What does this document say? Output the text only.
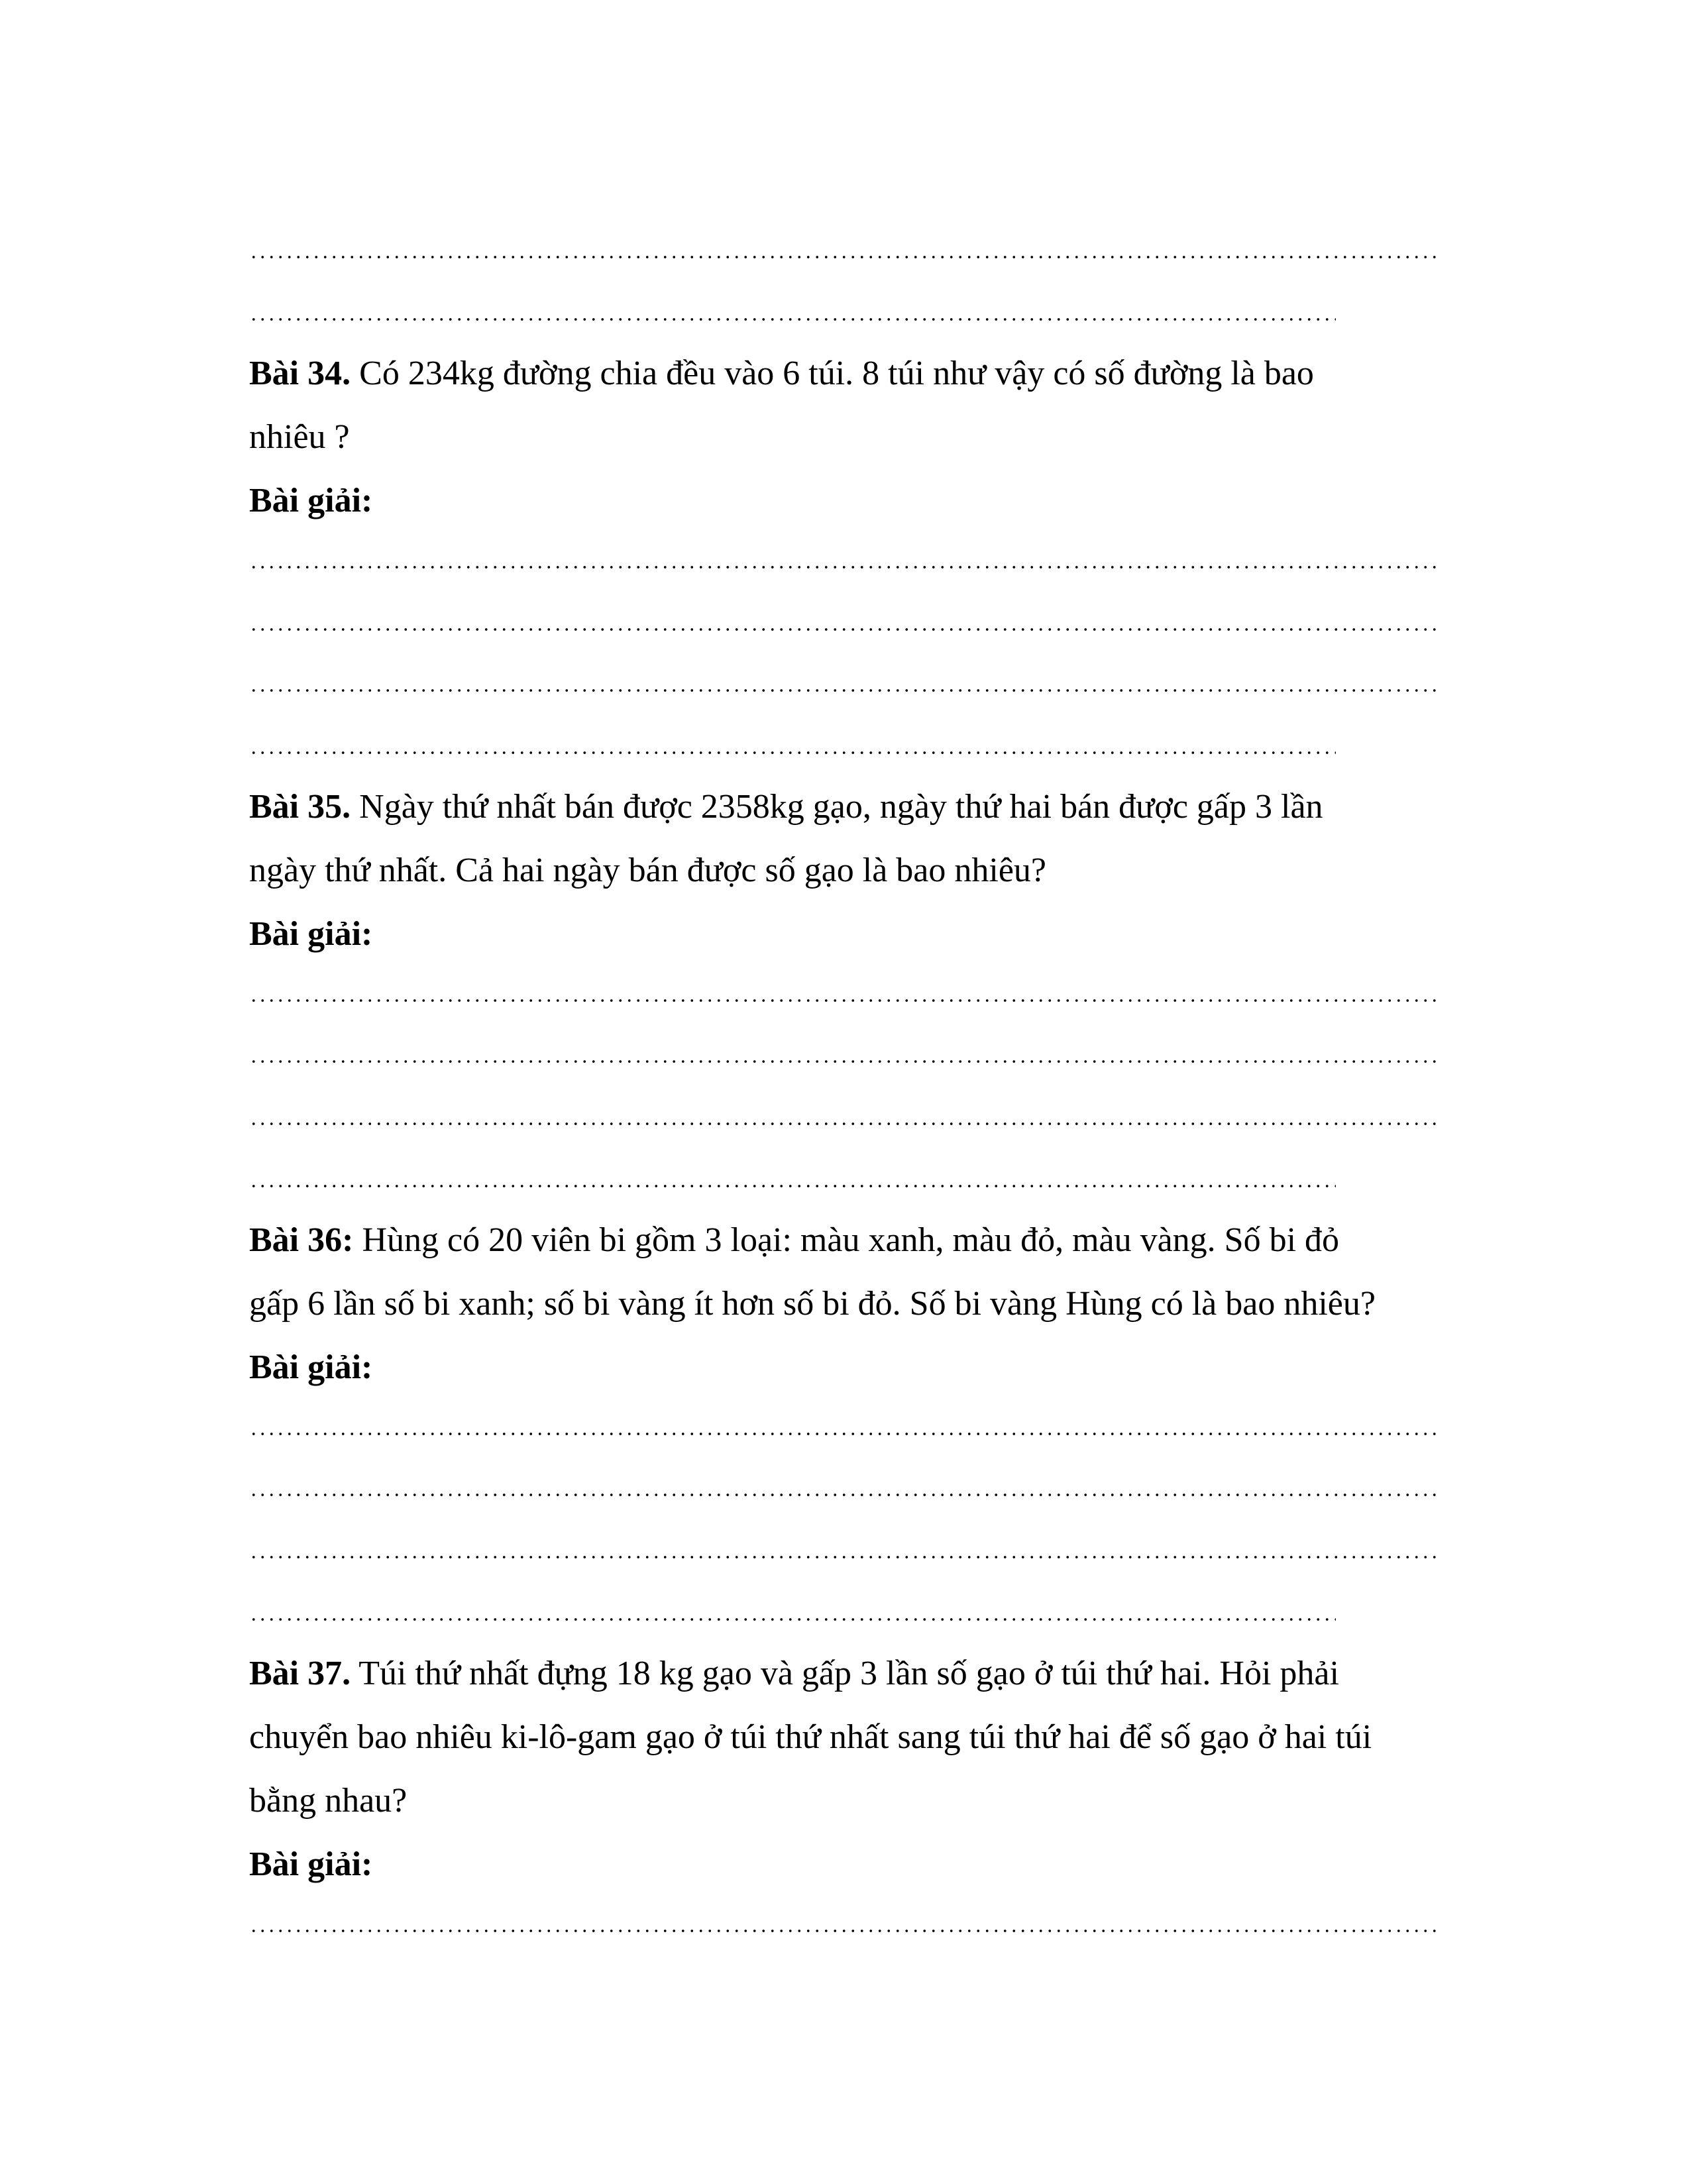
Bài 34. Có 234kg đường chia đều vào 6 túi. 8 túi như vậy có số đường là bao
nhiêu ?
Bài giải:
Bài 35. Ngày thứ nhất bán được 2358kg gạo, ngày thứ hai bán được gấp 3 lần
ngày thứ nhất. Cả hai ngày bán được số gạo là bao nhiêu?
Bài giải:
Bài 36: Hùng có 20 viên bi gồm 3 loại: màu xanh, màu đỏ, màu vàng. Số bi đỏ
gấp 6 lần số bi xanh; số bi vàng ít hơn số bi đỏ. Số bi vàng Hùng có là bao nhiêu?
Bài giải:
Bài 37. Túi thứ nhất đựng 18 kg gạo và gấp 3 lần số gạo ở túi thứ hai. Hỏi phải
chuyển bao nhiêu ki-lô-gam gạo ở túi thứ nhất sang túi thứ hai để số gạo ở hai túi
bằng nhau?
Bài giải:
